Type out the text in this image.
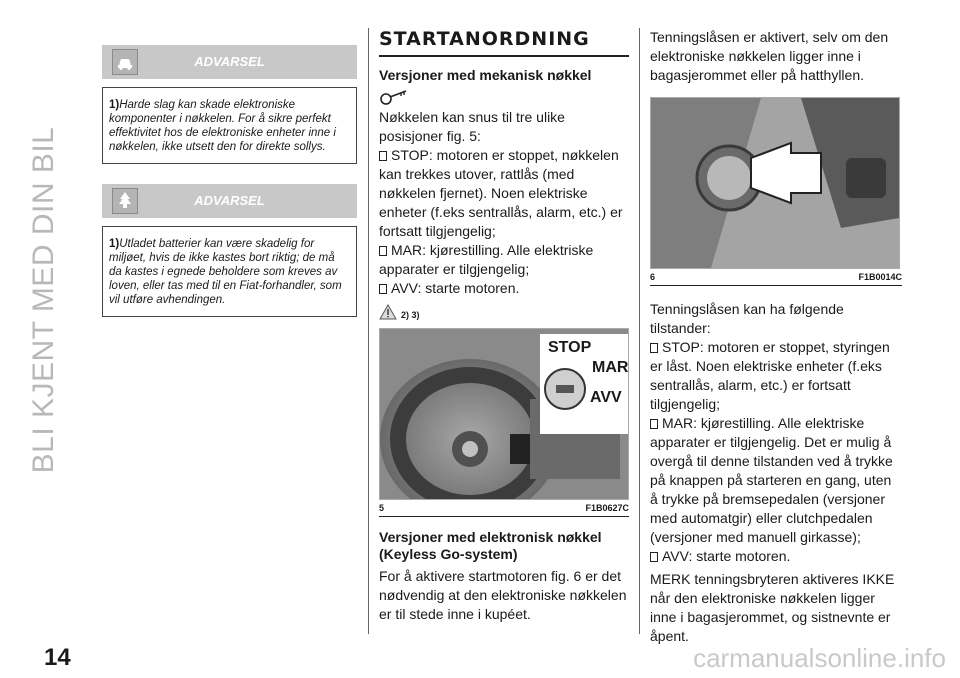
BLI KJENT MED DIN BIL
14	carmanualsonline.info
ADVARSEL
1)Harde slag kan skade elektroniske komponenter i nøkkelen. For å sikre perfekt effektivitet hos de elektroniske enheter inne i nøkkelen, ikke utsett den for direkte sollys.
ADVARSEL
1)Utladet batterier kan være skadelig for miljøet, hvis de ikke kastes bort riktig; de må da kastes i egnede beholdere som kreves av loven, eller tas med til en Fiat-forhandler, som vil utføre avhendingen.
STARTANORDNING
Versjoner med mekanisk nøkkel

Nøkkelen kan snus til tre ulike posisjoner fig. 5:

STOP: motoren er stoppet, nøkkelen kan trekkes utover, rattlås (med nøkkelen fjernet). Noen elektriske enheter (f.eks sentrallås, alarm, etc.) er fortsatt tilgjengelig;

MAR: kjørestilling. Alle elektriske apparater er tilgjengelig;

AVV: starte motoren.

2) 3)
STOP
MAR
AVV
5	F1B0627C
Versjoner med elektronisk nøkkel (Keyless Go-system)

For å aktivere startmotoren fig. 6 er det nødvendig at den elektroniske nøkkelen er til stede inne i kupéet.

Tenningslåsen er aktivert, selv om den elektroniske nøkkelen ligger inne i bagasjerommet eller på hatthyllen.

6	F1B0014C

Tenningslåsen kan ha følgende tilstander:

STOP: motoren er stoppet, styringen er låst. Noen elektriske enheter (f.eks sentrallås, alarm, etc.) er fortsatt tilgjengelig;

MAR: kjørestilling. Alle elektriske apparater er tilgjengelig. Det er mulig å overgå til denne tilstanden ved å trykke på knappen på starteren en gang, uten å trykke på bremsepedalen (versjoner med automatgir) eller clutchpedalen (versjoner med manuell girkasse);

AVV: starte motoren.

MERK tenningsbryteren aktiveres IKKE når den elektroniske nøkkelen ligger inne i bagasjerommet, og sistnevnte er åpent.
